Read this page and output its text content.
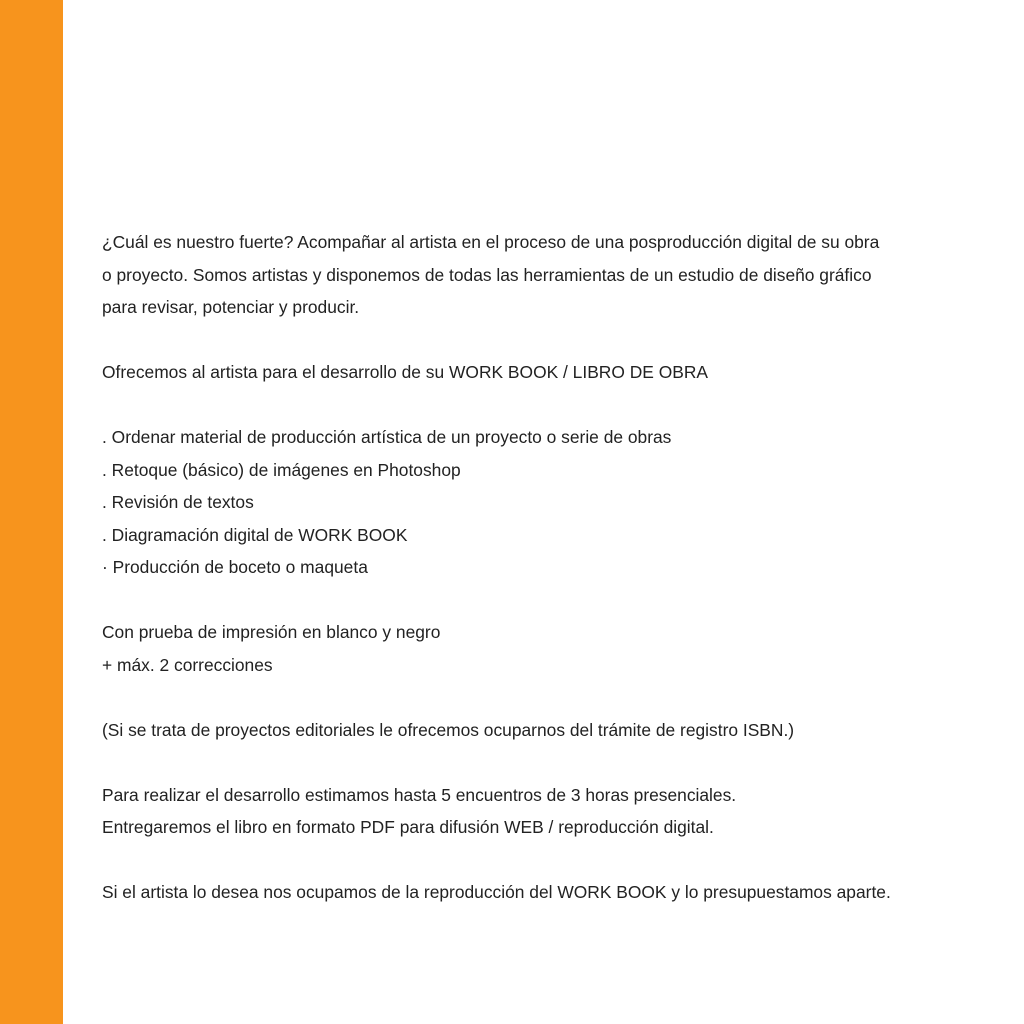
¿Cuál es nuestro fuerte? Acompañar al artista en el proceso de una posproducción digital de su obra

o proyecto. Somos artistas y disponemos de todas las herramientas de un estudio de diseño gráfico

para revisar, potenciar y producir.

Ofrecemos al artista para el desarrollo de su WORK BOOK / LIBRO DE OBRA

. Ordenar material de producción artística de un proyecto o serie de obras

. Retoque (básico) de imágenes en Photoshop

. Revisión de textos

. Diagramación digital de WORK BOOK

· Producción de boceto o maqueta

Con prueba de impresión en blanco y negro

+ máx. 2 correcciones

(Si se trata de proyectos editoriales le ofrecemos ocuparnos del trámite de registro ISBN.)

Para realizar el desarrollo estimamos hasta 5 encuentros de 3 horas presenciales.

Entregaremos el libro en formato PDF para difusión WEB / reproducción digital.

Si el artista lo desea nos ocupamos de la reproducción del WORK BOOK y lo presupuestamos aparte.
